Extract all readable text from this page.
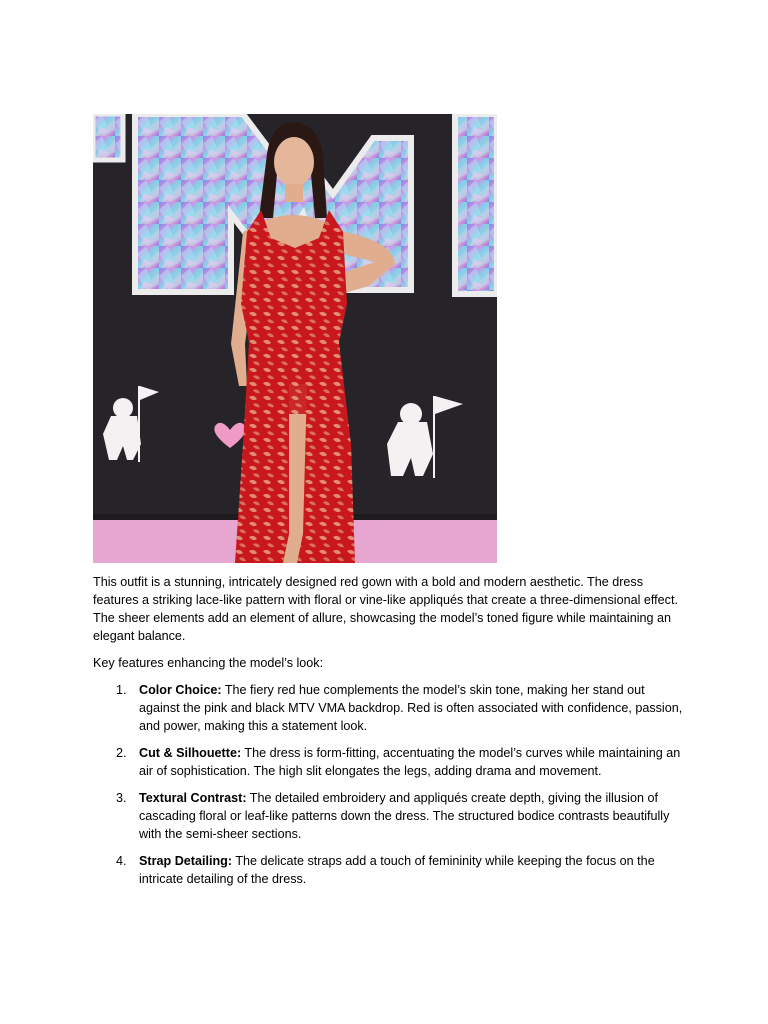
This outfit is a stunning, intricately designed red gown with a bold and modern aesthetic. The dress features a striking lace-like pattern with floral or vine-like appliqués that create a three-dimensional effect. The sheer elements add an element of allure, showcasing the model’s toned figure while maintaining an elegant balance.

Key features enhancing the model’s look:

1. Color Choice: The fiery red hue complements the model’s skin tone, making her stand out against the pink and black MTV VMA backdrop. Red is often associated with confidence, passion, and power, making this a statement look.
2. Cut & Silhouette: The dress is form-fitting, accentuating the model’s curves while maintaining an air of sophistication. The high slit elongates the legs, adding drama and movement.
3. Textural Contrast: The detailed embroidery and appliqués create depth, giving the illusion of cascading floral or leaf-like patterns down the dress. The structured bodice contrasts beautifully with the semi-sheer sections.
4. Strap Detailing: The delicate straps add a touch of femininity while keeping the focus on the intricate detailing of the dress.
